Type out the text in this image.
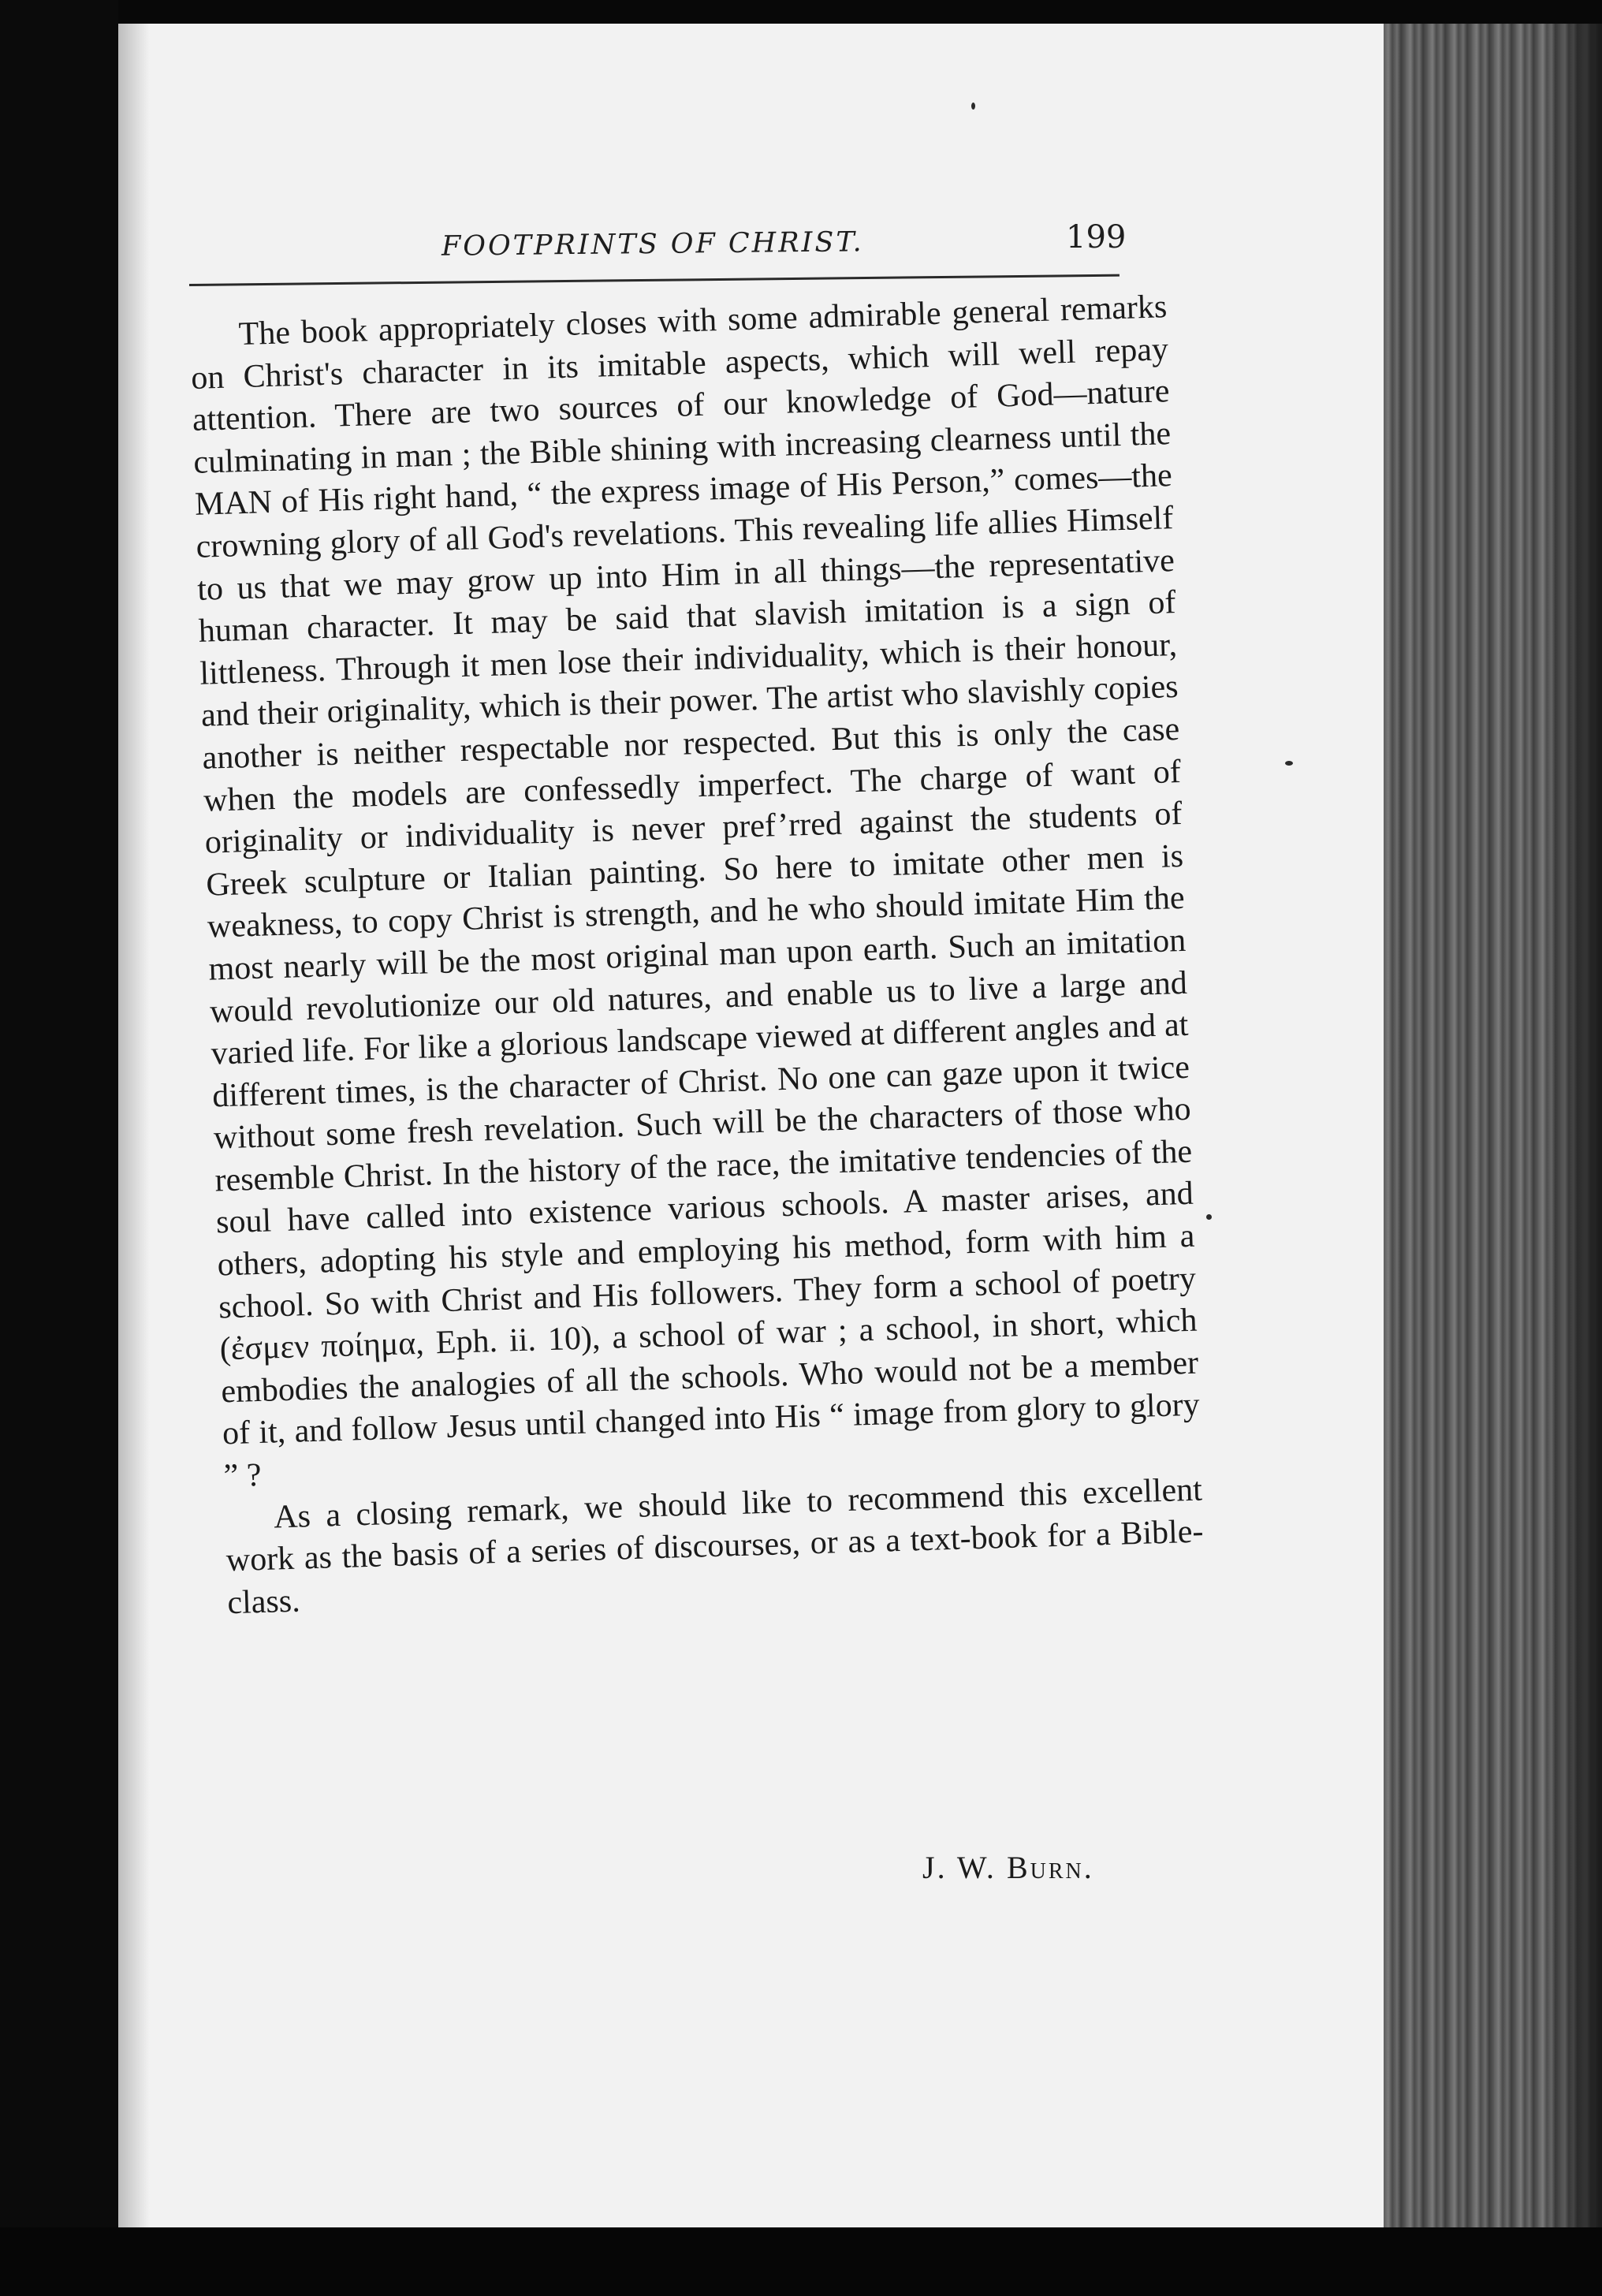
FOOTPRINTS OF CHRIST.	199

The book appropriately closes with some admirable general remarks on Christ's character in its imitable aspects, which will well repay attention. There are two sources of our knowledge of God—nature culminating in man ; the Bible shining with increasing clearness until the MAN of His right hand, “ the express image of His Person,” comes—the crowning glory of all God's revelations. This revealing life allies Himself to us that we may grow up into Him in all things—the representative human character. It may be said that slavish imitation is a sign of littleness. Through it men lose their individuality, which is their honour, and their originality, which is their power. The artist who slavishly copies another is neither respectable nor respected. But this is only the case when the models are confessedly imperfect. The charge of want of originality or individuality is never pref’rred against the students of Greek sculpture or Italian painting. So here to imitate other men is weakness, to copy Christ is strength, and he who should imitate Him the most nearly will be the most original man upon earth. Such an imitation would revolutionize our old natures, and enable us to live a large and varied life. For like a glorious landscape viewed at different angles and at different times, is the character of Christ. No one can gaze upon it twice without some fresh revelation. Such will be the characters of those who resemble Christ. In the history of the race, the imitative tendencies of the soul have called into existence various schools. A master arises, and others, adopting his style and employing his method, form with him a school. So with Christ and His followers. They form a school of poetry (ἐσμεν ποίημα, Eph. ii. 10), a school of war ; a school, in short, which embodies the analogies of all the schools. Who would not be a member of it, and follow Jesus until changed into His “ image from glory to glory ” ? As a closing remark, we should like to recommend this excellent work as the basis of a series of discourses, or as a text-book for a Bible-class.

J. W. Burn.
